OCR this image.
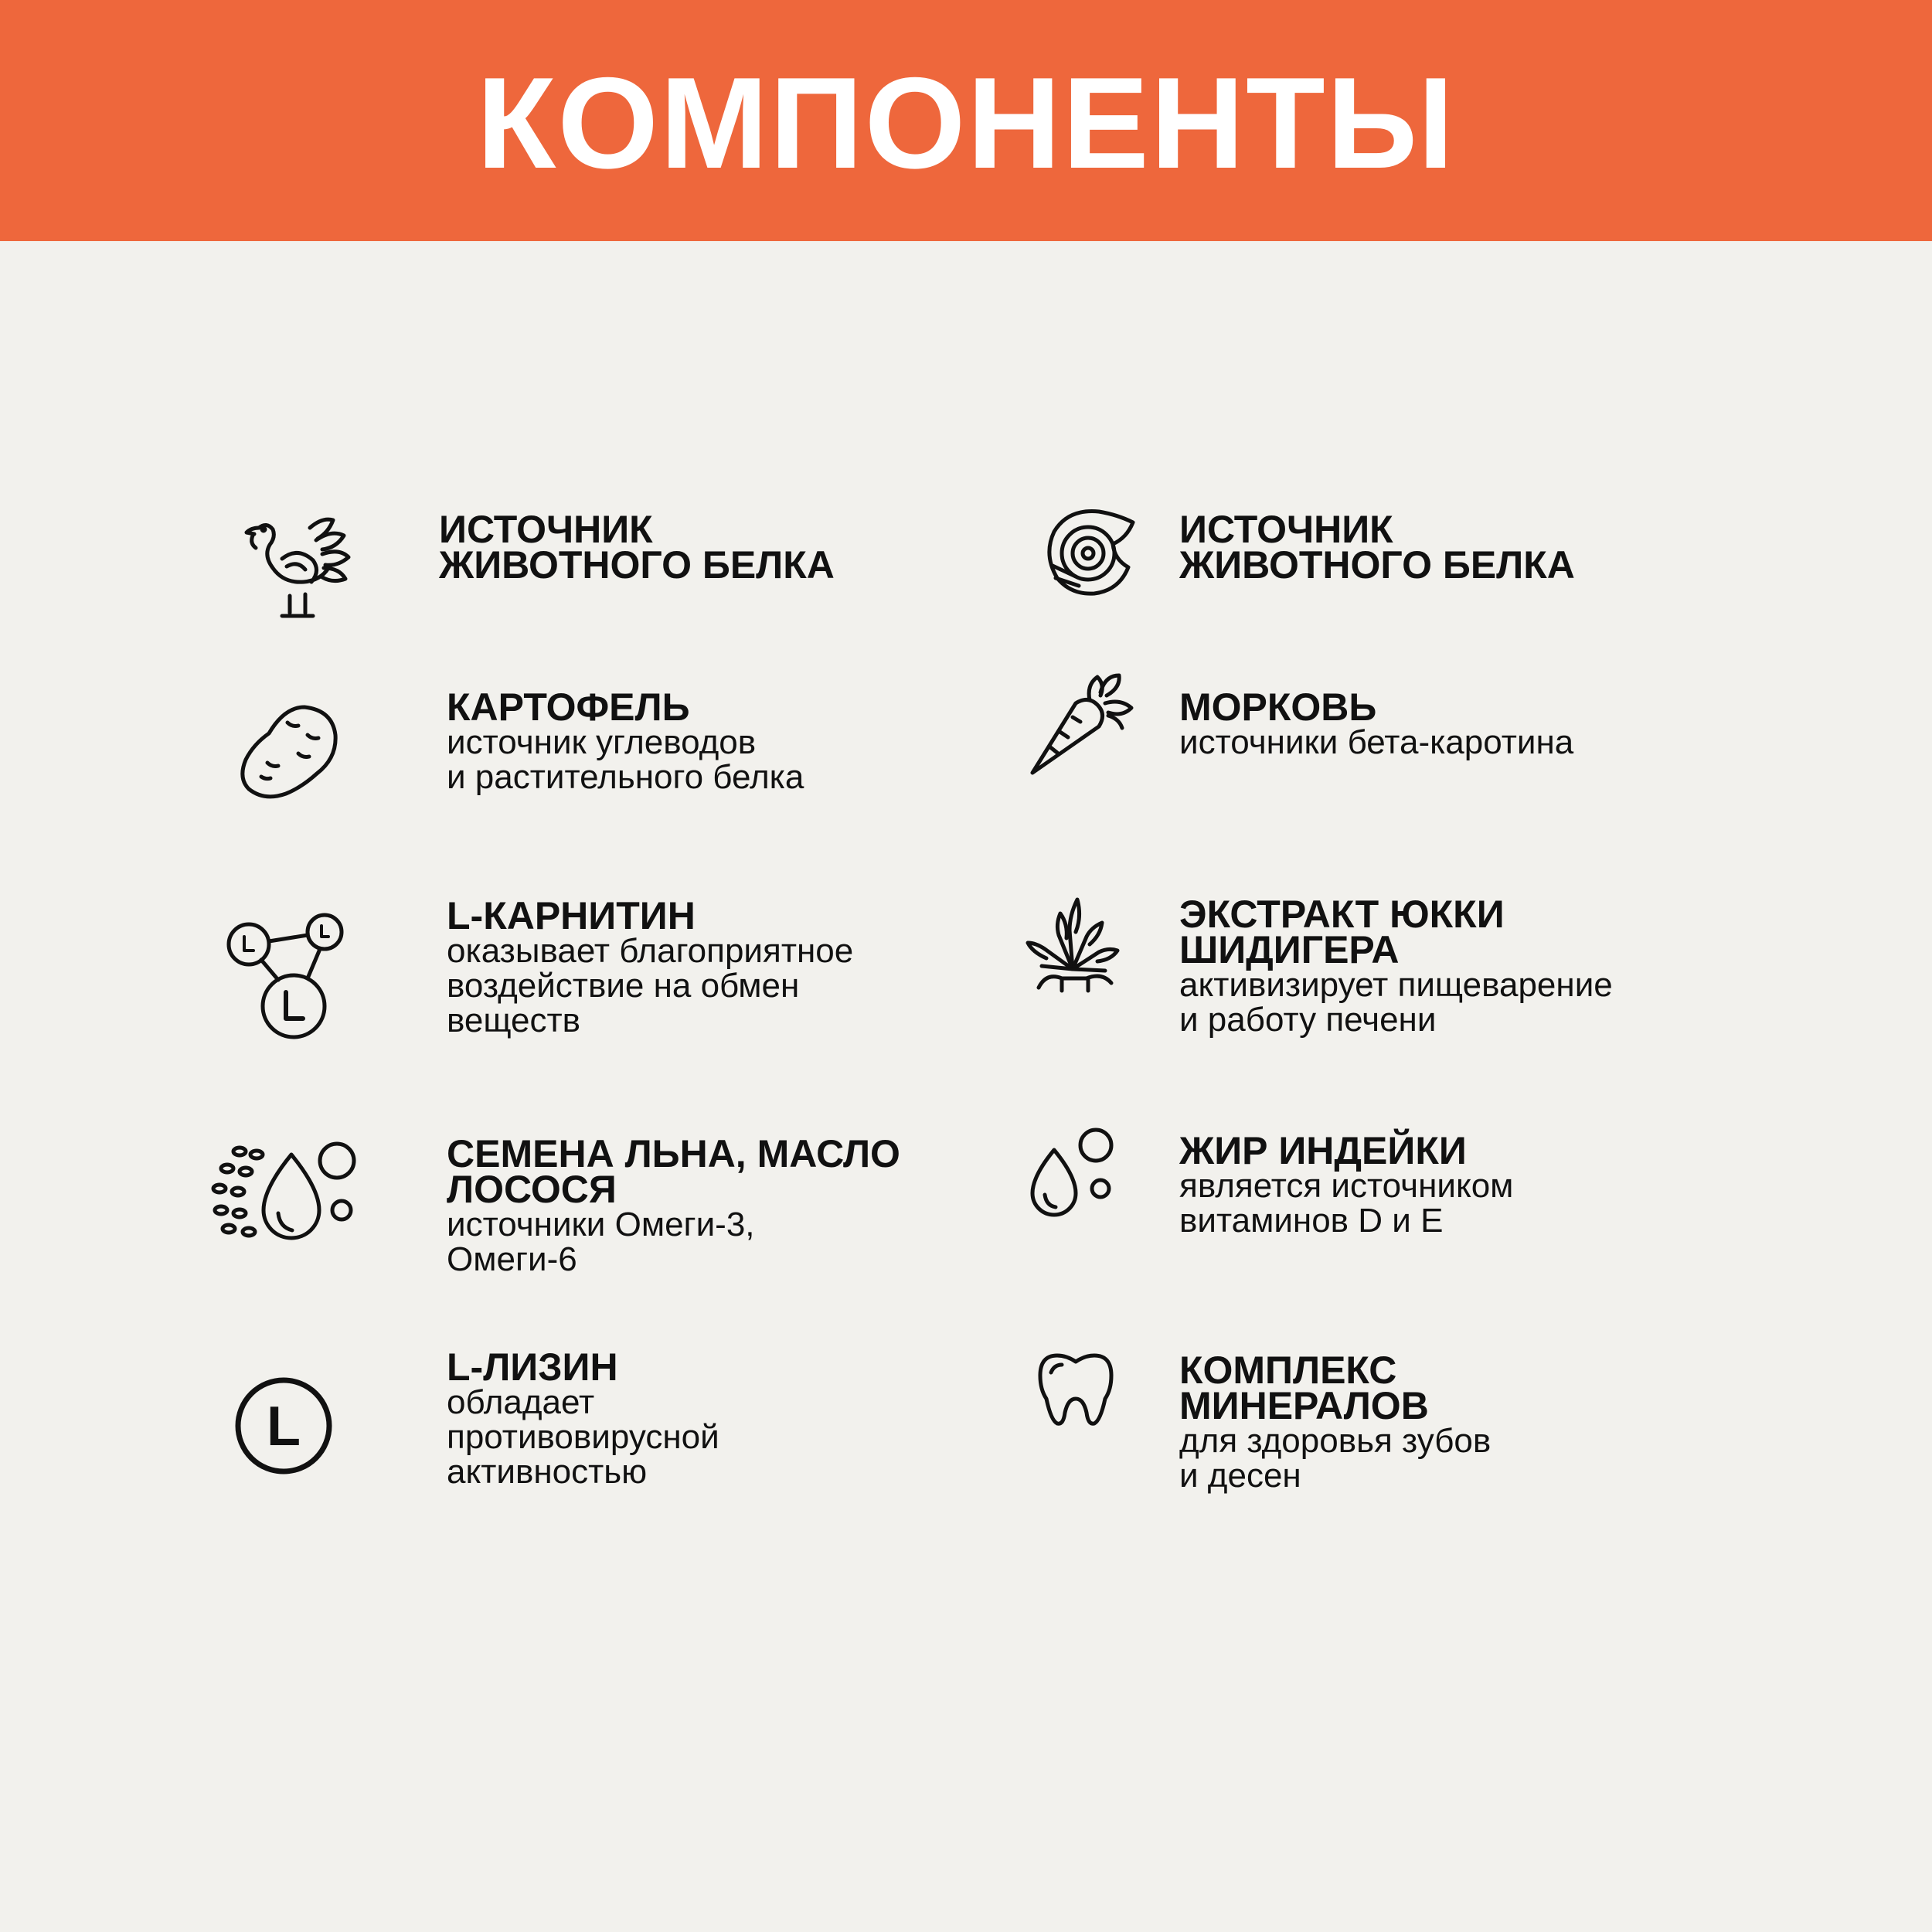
КОМПОНЕНТЫ
ИСТОЧНИК
ЖИВОТНОГО БЕЛКА
КАРТОФЕЛЬ
источник углеводов
и растительного белка
L-КАРНИТИН
оказывает благоприятное
воздействие на обмен
веществ
СЕМЕНА ЛЬНА, МАСЛО
ЛОСОСЯ
источники Омеги-3,
Омеги-6
L
L-ЛИЗИН
обладает
противовирусной
активностью
ИСТОЧНИК
ЖИВОТНОГО БЕЛКА
МОРКОВЬ
источники бета-каротина
ЭКСТРАКТ ЮККИ
ШИДИГЕРА
активизирует пищеварение
и работу печени
ЖИР ИНДЕЙКИ
является источником
витаминов D и E
КОМПЛЕКС
МИНЕРАЛОВ
для здоровья зубов
и десен
